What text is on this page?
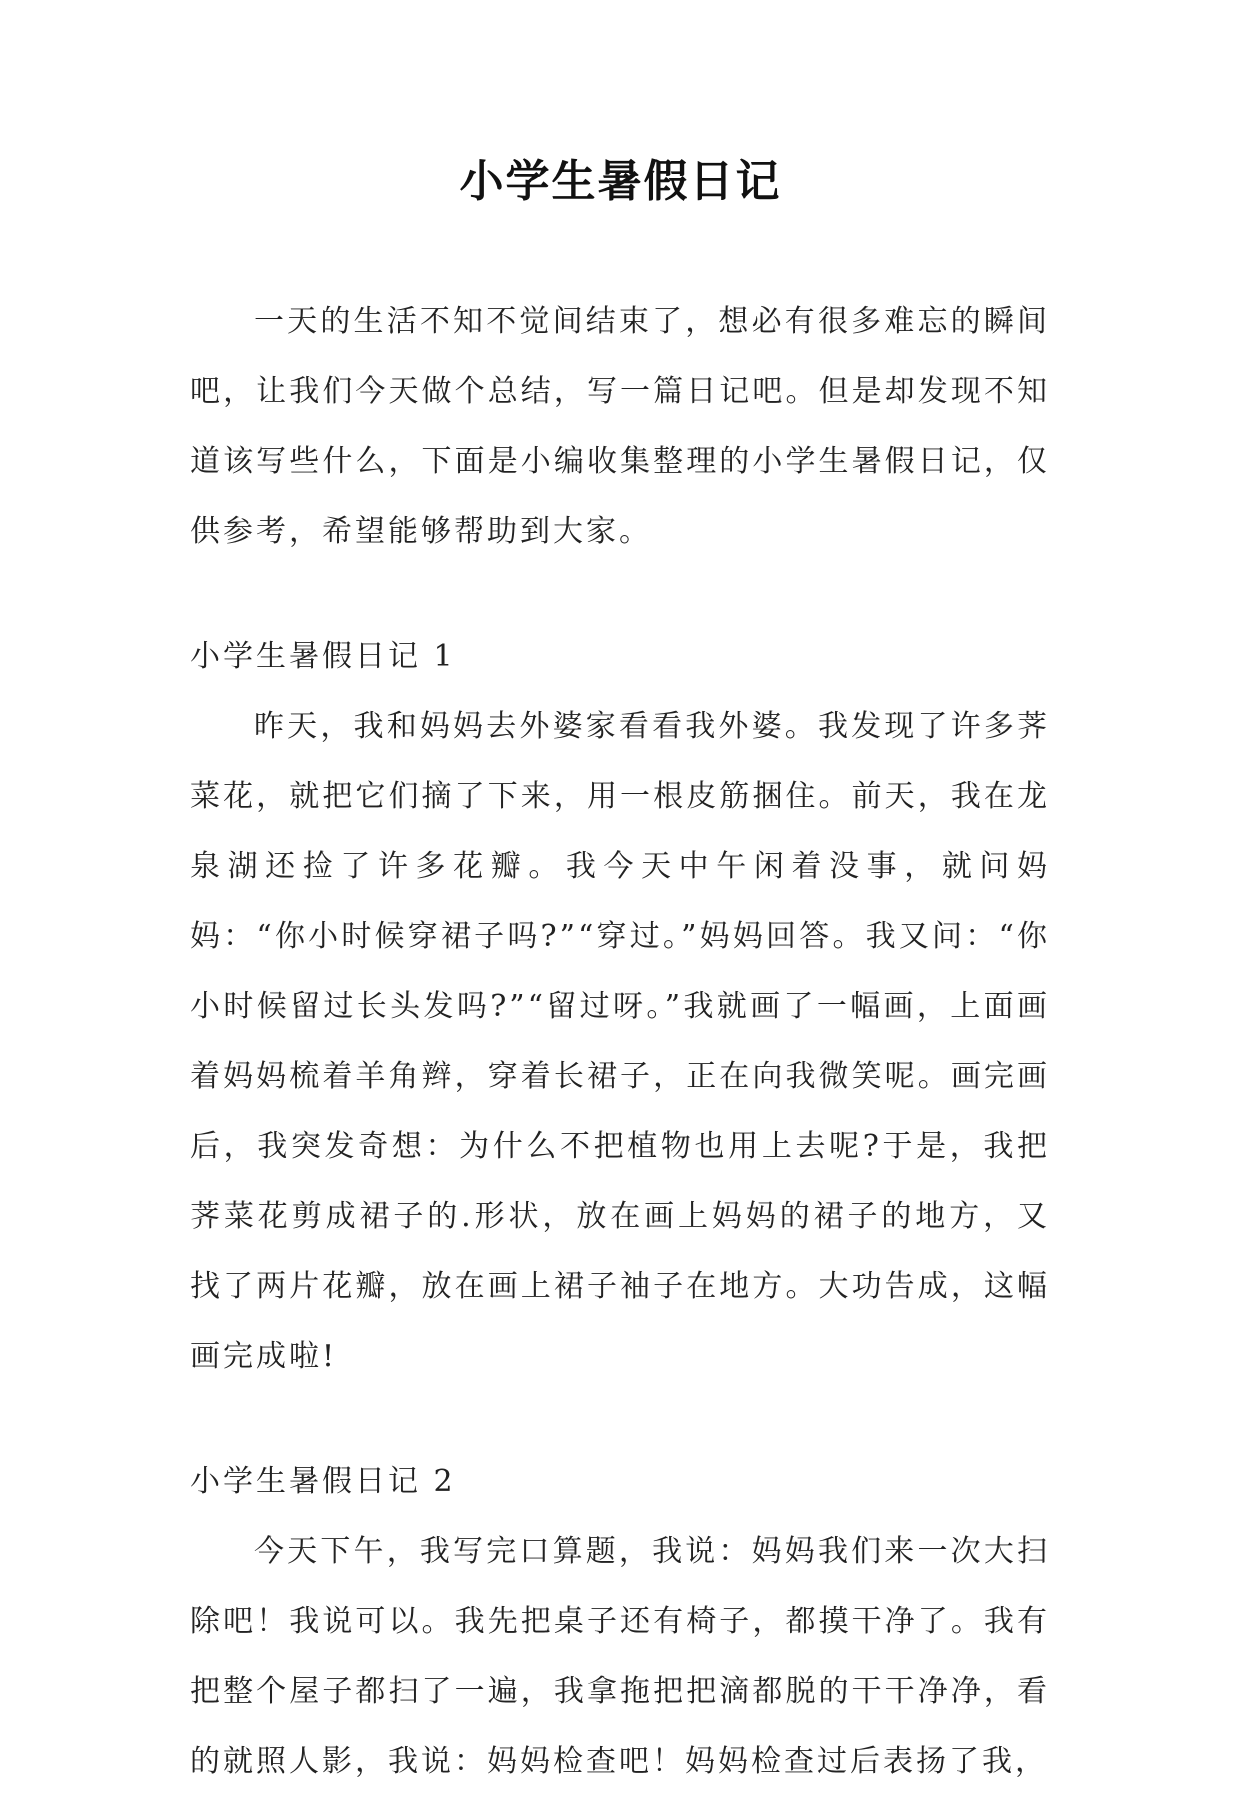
小学生暑假日记

一天的生活不知不觉间结束了，想必有很多难忘的瞬间吧，让我们今天做个总结，写一篇日记吧。但是却发现不知道该写些什么，下面是小编收集整理的小学生暑假日记，仅供参考，希望能够帮助到大家。

小学生暑假日记 1

昨天，我和妈妈去外婆家看看我外婆。我发现了许多荠菜花，就把它们摘了下来，用一根皮筋捆住。前天，我在龙泉湖还捡了许多花瓣。我今天中午闲着没事，就问妈妈：“你小时候穿裙子吗?”“穿过。”妈妈回答。我又问：“你小时候留过长头发吗?”“留过呀。”我就画了一幅画，上面画着妈妈梳着羊角辫，穿着长裙子，正在向我微笑呢。画完画后，我突发奇想：为什么不把植物也用上去呢?于是，我把荠菜花剪成裙子的.形状，放在画上妈妈的裙子的地方，又找了两片花瓣，放在画上裙子袖子在地方。大功告成，这幅画完成啦!

小学生暑假日记 2

今天下午，我写完口算题，我说：妈妈我们来一次大扫除吧！我说可以。我先把桌子还有椅子，都摸干净了。我有把整个屋子都扫了一遍，我拿拖把把滴都脱的干干净净，看的就照人影，我说：妈妈检查吧！妈妈检查过后表扬了我，
